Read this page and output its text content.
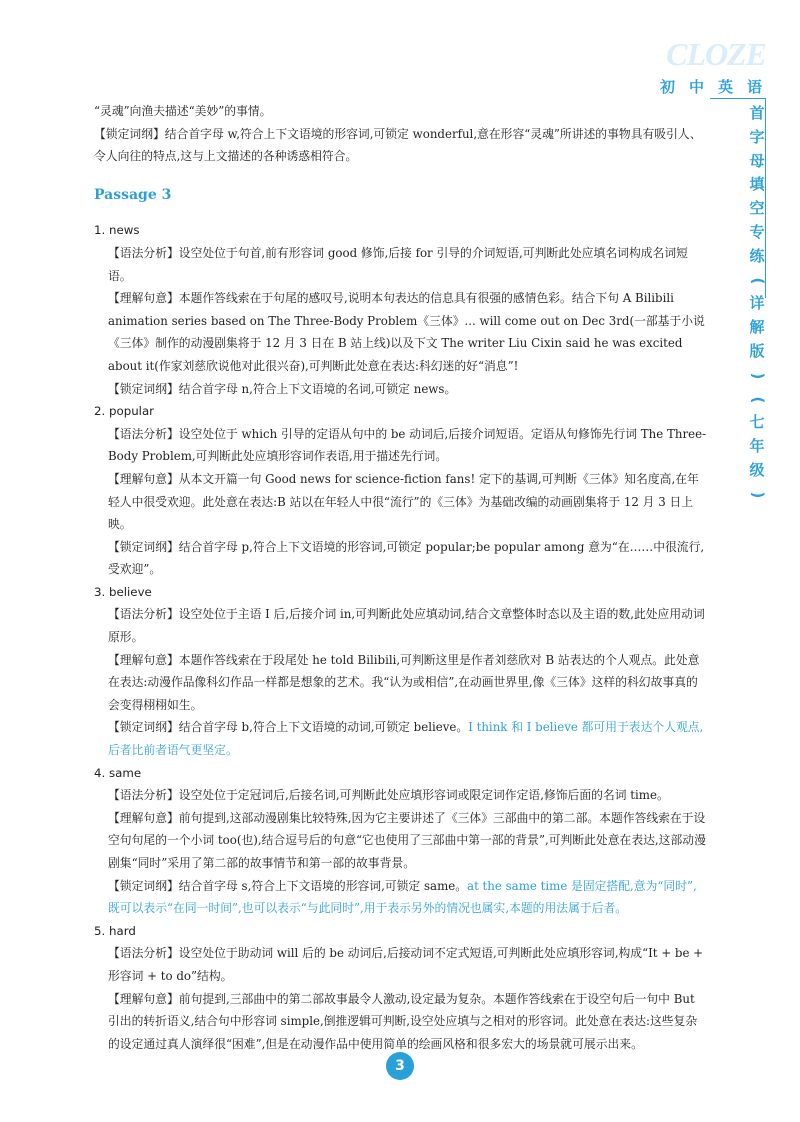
CLOZE
初中英语
首
字
母
填
空
专
练
(
详
解
版
)
(
七
年
级
)

“灵魂”向渔夫描述“美妙”的事情。

【锁定词纲】结合首字母 w,符合上下文语境的形容词,可锁定 wonderful,意在形容“灵魂”所讲述的事物具有吸引人、令人向往的特点,这与上文描述的各种诱惑相符合。

Passage 3

1. news

【语法分析】设空处位于句首,前有形容词 good 修饰,后接 for 引导的介词短语,可判断此处应填名词构成名词短语。

【理解句意】本题作答线索在于句尾的感叹号,说明本句表达的信息具有很强的感情色彩。结合下句 A Bilibili animation series based on The Three-Body Problem《三体》... will come out on Dec 3rd(一部基于小说《三体》制作的动漫剧集将于 12 月 3 日在 B 站上线)以及下文 The writer Liu Cixin said he was excited about it(作家刘慈欣说他对此很兴奋),可判断此处意在表达:科幻迷的好“消息”!

【锁定词纲】结合首字母 n,符合上下文语境的名词,可锁定 news。

2. popular

【语法分析】设空处位于 which 引导的定语从句中的 be 动词后,后接介词短语。定语从句修饰先行词 The Three-Body Problem,可判断此处应填形容词作表语,用于描述先行词。

【理解句意】从本文开篇一句 Good news for science-fiction fans! 定下的基调,可判断《三体》知名度高,在年轻人中很受欢迎。此处意在表达:B 站以在年轻人中很“流行”的《三体》为基础改编的动画剧集将于 12 月 3 日上映。

【锁定词纲】结合首字母 p,符合上下文语境的形容词,可锁定 popular;be popular among 意为“在……中很流行,受欢迎”。

3. believe

【语法分析】设空处位于主语 I 后,后接介词 in,可判断此处应填动词,结合文章整体时态以及主语的数,此处应用动词原形。

【理解句意】本题作答线索在于段尾处 he told Bilibili,可判断这里是作者刘慈欣对 B 站表达的个人观点。此处意在表达:动漫作品像科幻作品一样都是想象的艺术。我“认为或相信”,在动画世界里,像《三体》这样的科幻故事真的会变得栩栩如生。

【锁定词纲】结合首字母 b,符合上下文语境的动词,可锁定 believe。I think 和 I believe 都可用于表达个人观点,后者比前者语气更坚定。

4. same

【语法分析】设空处位于定冠词后,后接名词,可判断此处应填形容词或限定词作定语,修饰后面的名词 time。

【理解句意】前句提到,这部动漫剧集比较特殊,因为它主要讲述了《三体》三部曲中的第二部。本题作答线索在于设空句句尾的一个小词 too(也),结合逗号后的句意“它也使用了三部曲中第一部的背景”,可判断此处意在表达,这部动漫剧集“同时”采用了第二部的故事情节和第一部的故事背景。

【锁定词纲】结合首字母 s,符合上下文语境的形容词,可锁定 same。at the same time 是固定搭配,意为“同时”,既可以表示“在同一时间”,也可以表示“与此同时”,用于表示另外的情况也属实,本题的用法属于后者。

5. hard

【语法分析】设空处位于助动词 will 后的 be 动词后,后接动词不定式短语,可判断此处应填形容词,构成“It + be + 形容词 + to do”结构。

【理解句意】前句提到,三部曲中的第二部故事最令人激动,设定最为复杂。本题作答线索在于设空句后一句中 But 引出的转折语义,结合句中形容词 simple,倒推逻辑可判断,设空处应填与之相对的形容词。此处意在表达:这些复杂的设定通过真人演绎很“困难”,但是在动漫作品中使用简单的绘画风格和很多宏大的场景就可展示出来。

3
